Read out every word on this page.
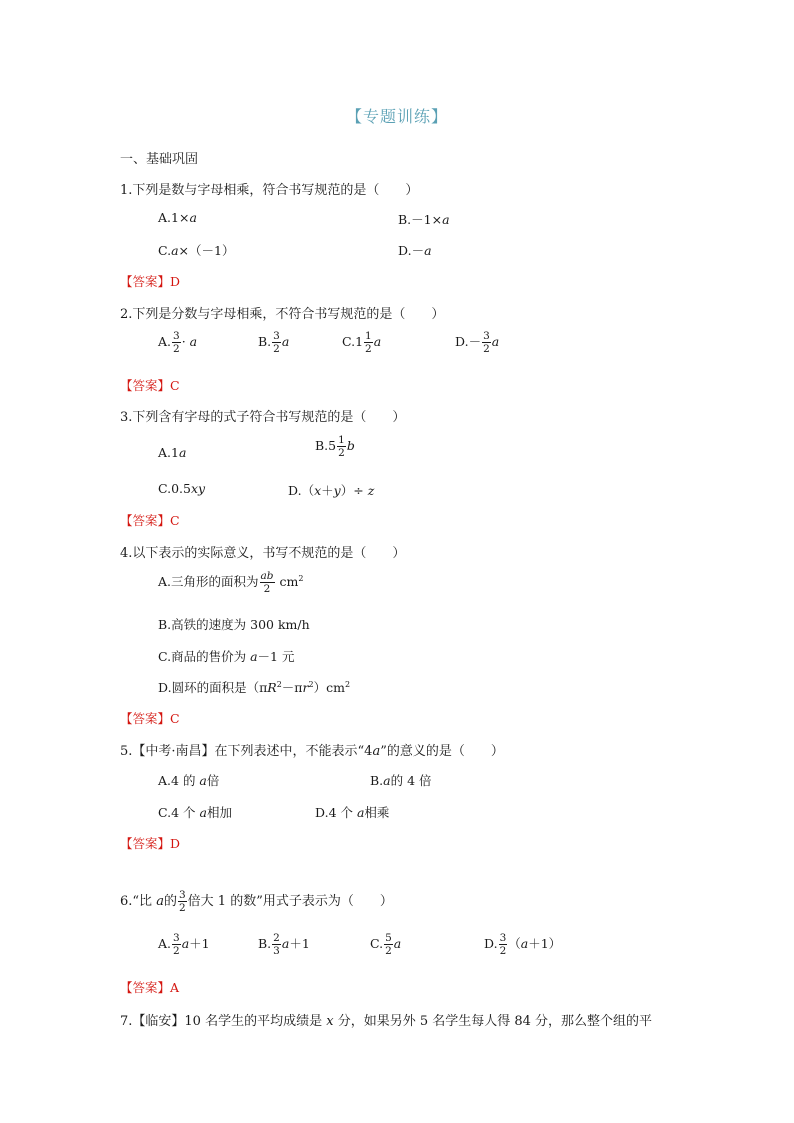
【专题训练】
一、基础巩固
1.下列是数与字母相乘，符合书写规范的是（　　）
A.1×a	B.－1×a
C.a×（－1）	D.－a
【答案】D
2.下列是分数与字母相乘，不符合书写规范的是（　　）
A. $\frac{3}{2} \cdot a$	B. $\frac{3}{2}$ a	$C.1 \frac{1}{2}$ a	$D.- \frac{3}{2}$ a
【答案】C
3.下列含有字母的式子符合书写规范的是（　　）
A.1a	$B.5 \frac{1}{2}$ b
C.0.5xy	D.（x＋y）÷ z
【答案】C
4.以下表示的实际意义，书写不规范的是（　　）
A.三角形的面积为 $\frac{ab}{2} cm^2$
B.高铁的速度为 300 km/h
C.商品的售价为 a－1 元
D.圆环的面积是$(\pi R^2-\pi r^2)cm^2$
【答案】C
5.【中考·南昌】在下列表述中，不能表示“4a”的意义的是（　　）
A.4 的 a倍	B.a的 4 倍
C.4 个 a相加	D.4 个 a相乘
【答案】D
6.“比 a的 $\frac{3}{2}$ 倍大 1 的数”用式子表示为（　　）
A. $\frac{3}{2} a+1$	B. $\frac{2}{3} a+1$	C. $\frac{5}{2}$ a	D. $\frac{3}{2} (a+1)$
【答案】A
7.【临安】10 名学生的平均成绩是 x 分，如果另外 5 名学生每人得 84 分，那么整个组的平
